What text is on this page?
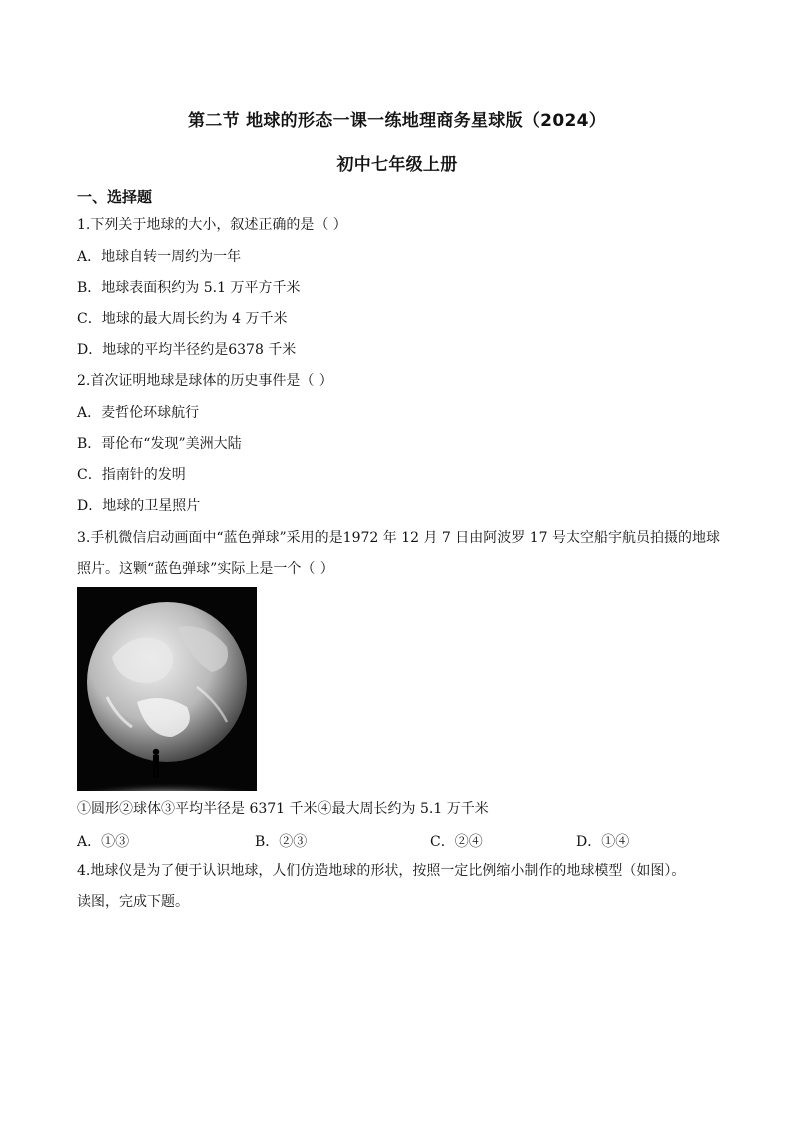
第二节 地球的形态一课一练地理商务星球版（2024）
初中七年级上册
一、选择题
1.下列关于地球的大小，叙述正确的是（ ）
A．地球自转一周约为一年
B．地球表面积约为 5.1 万平方千米
C．地球的最大周长约为 4 万千米
D．地球的平均半径约是6378 千米
2.首次证明地球是球体的历史事件是（ ）
A．麦哲伦环球航行
B．哥伦布“发现”美洲大陆
C．指南针的发明
D．地球的卫星照片
3.手机微信启动画面中“蓝色弹球”采用的是1972 年 12 月 7 日由阿波罗 17 号太空船宇航员拍摄的地球
照片。这颗“蓝色弹球”实际上是一个（ ）
①圆形②球体③平均半径是 6371 千米④最大周长约为 5.1 万千米
A．①③	B．②③	C．②④	D．①④
4.地球仪是为了便于认识地球，人们仿造地球的形状，按照一定比例缩小制作的地球模型（如图）。
读图，完成下题。
